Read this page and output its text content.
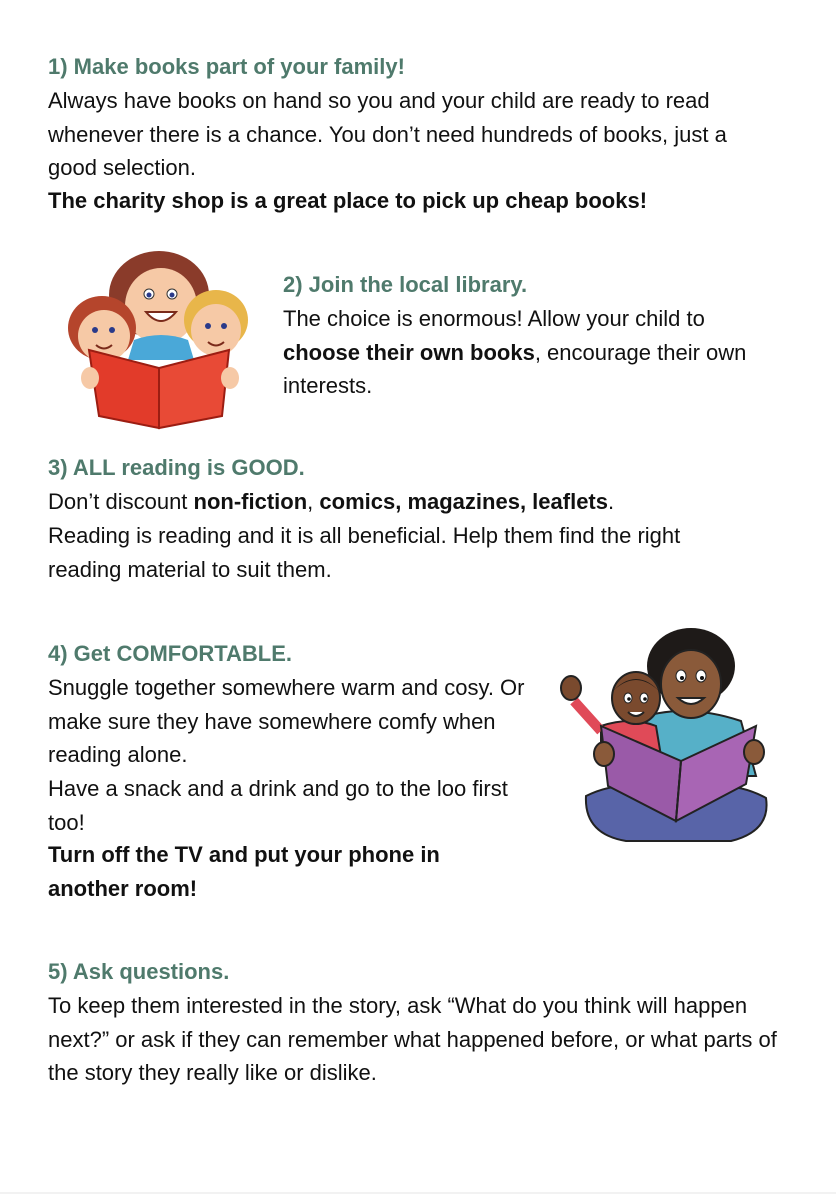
1) Make books part of your family!

Always have books on hand so you and your child are ready to read whenever there is a chance. You don’t need hundreds of books, just a good selection.

The charity shop is a great place to pick up cheap books!

2) Join the local library.

The choice is enormous! Allow your child to choose their own books, encourage their own interests.

3) ALL reading is GOOD.

Don’t discount non-fiction, comics, magazines, leaflets.

Reading is reading and it is all beneficial. Help them find the right reading material to suit them.

4) Get COMFORTABLE.

Snuggle together somewhere warm and cosy. Or make sure they have somewhere comfy when reading alone.

Have a snack and a drink and go to the loo first too!

Turn off the TV and put your phone in another room!

5) Ask questions.

To keep them interested in the story, ask “What do you think will happen next?” or ask if they can remember what happened before, or what parts of the story they really like or dislike.
